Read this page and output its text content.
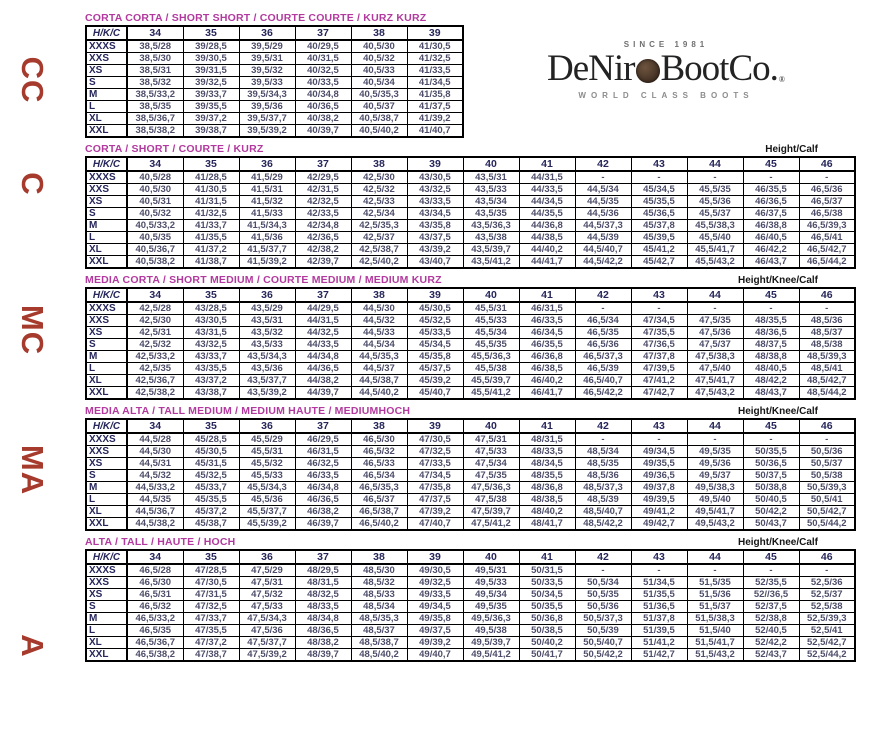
CC
C
MC
MA
A
SINCE 1981
DeNir BootCo. ®
WORLD CLASS BOOTS
CORTA CORTA / SHORT SHORT / COURTE COURTE / KURZ KURZ
H/K/C	34	35	36	37	38	39
XXXS	38,5/28	39/28,5	39,5/29	40/29,5	40,5/30	41/30,5
XXS	38,5/30	39/30,5	39,5/31	40/31,5	40,5/32	41/32,5
XS	38,5/31	39/31,5	39,5/32	40/32,5	40,5/33	41/33,5
S	38,5/32	39/32,5	39,5/33	40/33,5	40,5/34	41/34,5
M	38,5/33,2	39/33,7	39,5/34,3	40/34,8	40,5/35,3	41/35,8
L	38,5/35	39/35,5	39,5/36	40/36,5	40,5/37	41/37,5
XL	38,5/36,7	39/37,2	39,5/37,7	40/38,2	40,5/38,7	41/39,2
XXL	38,5/38,2	39/38,7	39,5/39,2	40/39,7	40,5/40,2	41/40,7
CORTA / SHORT / COURTE / KURZ	Height/Calf
H/K/C	34	35	36	37	38	39	40	41	42	43	44	45	46
XXXS	40,5/28	41/28,5	41,5/29	42/29,5	42,5/30	43/30,5	43,5/31	44/31,5	-	-	-	-	-
XXS	40,5/30	41/30,5	41,5/31	42/31,5	42,5/32	43/32,5	43,5/33	44/33,5	44,5/34	45/34,5	45,5/35	46/35,5	46,5/36
XS	40,5/31	41/31,5	41,5/32	42/32,5	42,5/33	43/33,5	43,5/34	44/34,5	44,5/35	45/35,5	45,5/36	46/36,5	46,5/37
S	40,5/32	41/32,5	41,5/33	42/33,5	42,5/34	43/34,5	43,5/35	44/35,5	44,5/36	45/36,5	45,5/37	46/37,5	46,5/38
M	40,5/33,2	41/33,7	41,5/34,3	42/34,8	42,5/35,3	43/35,8	43,5/36,3	44/36,8	44,5/37,3	45/37,8	45,5/38,3	46/38,8	46,5/39,3
L	40,5/35	41/35,5	41,5/36	42/36,5	42,5/37	43/37,5	43,5/38	44/38,5	44,5/39	45/39,5	45,5/40	46/40,5	46,5/41
XL	40,5/36,7	41/37,2	41,5/37,7	42/38,2	42,5/38,7	43/39,2	43,5/39,7	44/40,2	44,5/40,7	45/41,2	45,5/41,7	46/42,2	46,5/42,7
XXL	40,5/38,2	41/38,7	41,5/39,2	42/39,7	42,5/40,2	43/40,7	43,5/41,2	44/41,7	44,5/42,2	45/42,7	45,5/43,2	46/43,7	46,5/44,2
MEDIA CORTA / SHORT MEDIUM / COURTE MEDIUM / MEDIUM KURZ	Height/Knee/Calf
H/K/C	34	35	36	37	38	39	40	41	42	43	44	45	46
XXXS	42,5/28	43/28,5	43,5/29	44/29,5	44,5/30	45/30,5	45,5/31	46/31,5	-	-	-	-	-
XXS	42,5/30	43/30,5	43,5/31	44/31,5	44,5/32	45/32,5	45,5/33	46/33,5	46,5/34	47/34,5	47,5/35	48/35,5	48,5/36
XS	42,5/31	43/31,5	43,5/32	44/32,5	44,5/33	45/33,5	45,5/34	46/34,5	46,5/35	47/35,5	47,5/36	48/36,5	48,5/37
S	42,5/32	43/32,5	43,5/33	44/33,5	44,5/34	45/34,5	45,5/35	46/35,5	46,5/36	47/36,5	47,5/37	48/37,5	48,5/38
M	42,5/33,2	43/33,7	43,5/34,3	44/34,8	44,5/35,3	45/35,8	45,5/36,3	46/36,8	46,5/37,3	47/37,8	47,5/38,3	48/38,8	48,5/39,3
L	42,5/35	43/35,5	43,5/36	44/36,5	44,5/37	45/37,5	45,5/38	46/38,5	46,5/39	47/39,5	47,5/40	48/40,5	48,5/41
XL	42,5/36,7	43/37,2	43,5/37,7	44/38,2	44,5/38,7	45/39,2	45,5/39,7	46/40,2	46,5/40,7	47/41,2	47,5/41,7	48/42,2	48,5/42,7
XXL	42,5/38,2	43/38,7	43,5/39,2	44/39,7	44,5/40,2	45/40,7	45,5/41,2	46/41,7	46,5/42,2	47/42,7	47,5/43,2	48/43,7	48,5/44,2
MEDIA ALTA / TALL MEDIUM / MEDIUM HAUTE / MEDIUMHOCH	Height/Knee/Calf
H/K/C	34	35	36	37	38	39	40	41	42	43	44	45	46
XXXS	44,5/28	45/28,5	45,5/29	46/29,5	46,5/30	47/30,5	47,5/31	48/31,5	-	-	-	-	-
XXS	44,5/30	45/30,5	45,5/31	46/31,5	46,5/32	47/32,5	47,5/33	48/33,5	48,5/34	49/34,5	49,5/35	50/35,5	50,5/36
XS	44,5/31	45/31,5	45,5/32	46/32,5	46,5/33	47/33,5	47,5/34	48/34,5	48,5/35	49/35,5	49,5/36	50/36,5	50,5/37
S	44,5/32	45/32,5	45,5/33	46/33,5	46,5/34	47/34,5	47,5/35	48/35,5	48,5/36	49/36,5	49,5/37	50/37,5	50,5/38
M	44,5/33,2	45/33,7	45,5/34,3	46/34,8	46,5/35,3	47/35,8	47,5/36,3	48/36,8	48,5/37,3	49/37,8	49,5/38,3	50/38,8	50,5/39,3
L	44,5/35	45/35,5	45,5/36	46/36,5	46,5/37	47/37,5	47,5/38	48/38,5	48,5/39	49/39,5	49,5/40	50/40,5	50,5/41
XL	44,5/36,7	45/37,2	45,5/37,7	46/38,2	46,5/38,7	47/39,2	47,5/39,7	48/40,2	48,5/40,7	49/41,2	49,5/41,7	50/42,2	50,5/42,7
XXL	44,5/38,2	45/38,7	45,5/39,2	46/39,7	46,5/40,2	47/40,7	47,5/41,2	48/41,7	48,5/42,2	49/42,7	49,5/43,2	50/43,7	50,5/44,2
ALTA / TALL / HAUTE / HOCH	Height/Knee/Calf
H/K/C	34	35	36	37	38	39	40	41	42	43	44	45	46
XXXS	46,5/28	47/28,5	47,5/29	48/29,5	48,5/30	49/30,5	49,5/31	50/31,5	-	-	-	-	-
XXS	46,5/30	47/30,5	47,5/31	48/31,5	48,5/32	49/32,5	49,5/33	50/33,5	50,5/34	51/34,5	51,5/35	52/35,5	52,5/36
XS	46,5/31	47/31,5	47,5/32	48/32,5	48,5/33	49/33,5	49,5/34	50/34,5	50,5/35	51/35,5	51,5/36	52//36,5	52,5/37
S	46,5/32	47/32,5	47,5/33	48/33,5	48,5/34	49/34,5	49,5/35	50/35,5	50,5/36	51/36,5	51,5/37	52/37,5	52,5/38
M	46,5/33,2	47/33,7	47,5/34,3	48/34,8	48,5/35,3	49/35,8	49,5/36,3	50/36,8	50,5/37,3	51/37,8	51,5/38,3	52/38,8	52,5/39,3
L	46,5/35	47/35,5	47,5/36	48/36,5	48,5/37	49/37,5	49,5/38	50/38,5	50,5/39	51/39,5	51,5/40	52/40,5	52,5/41
XL	46,5/36,7	47/37,2	47,5/37,7	48/38,2	48,5/38,7	49/39,2	49,5/39,7	50/40,2	50,5/40,7	51/41,2	51,5/41,7	52/42,2	52,5/42,7
XXL	46,5/38,2	47/38,7	47,5/39,2	48/39,7	48,5/40,2	49/40,7	49,5/41,2	50/41,7	50,5/42,2	51/42,7	51,5/43,2	52/43,7	52,5/44,2
